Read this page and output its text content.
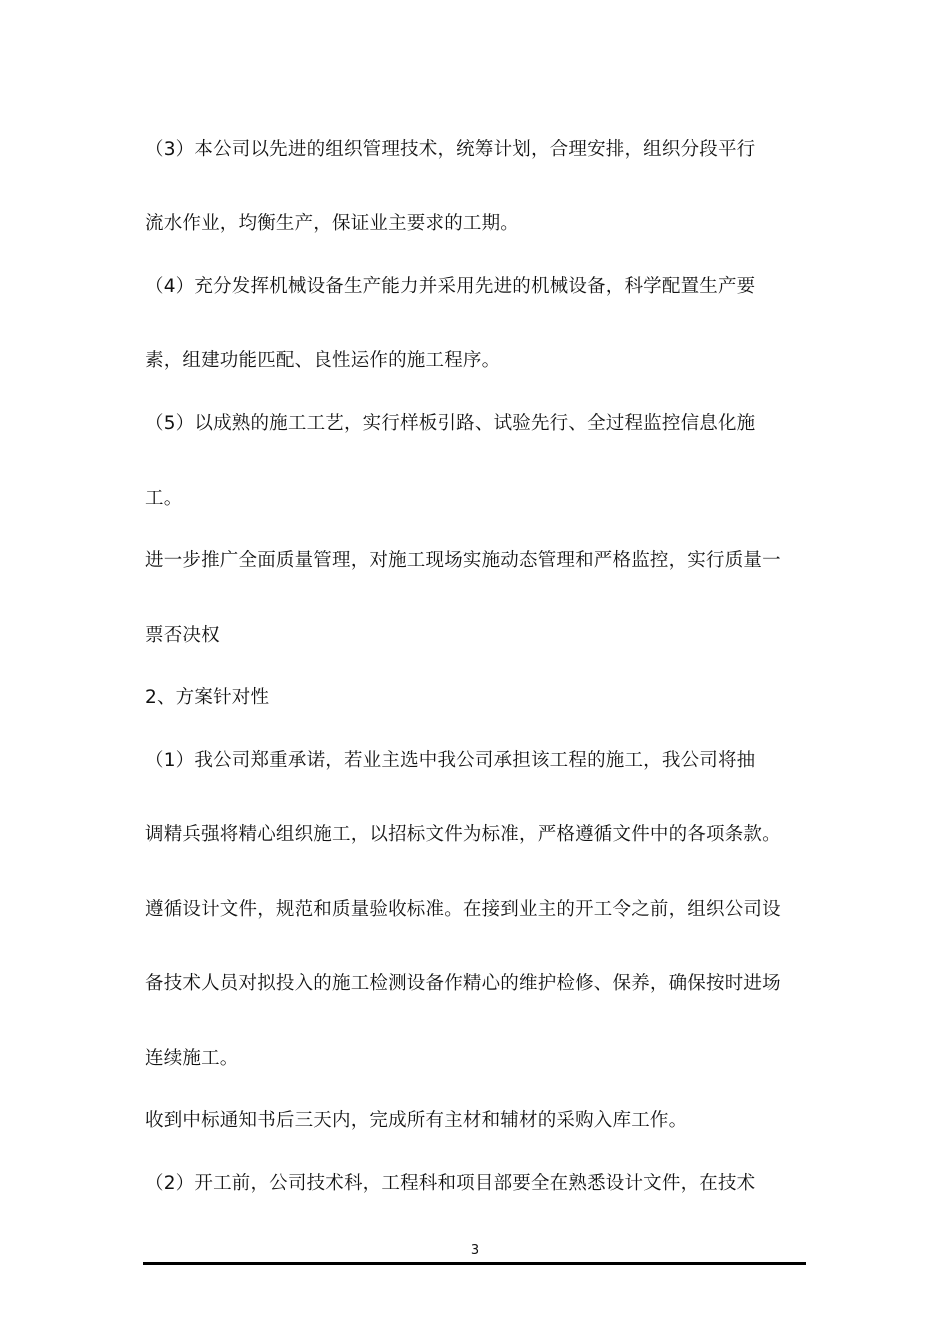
（3）本公司以先进的组织管理技术，统筹计划，合理安排，组织分段平行
流水作业，均衡生产，保证业主要求的工期。
（4）充分发挥机械设备生产能力并采用先进的机械设备，科学配置生产要
素，组建功能匹配、良性运作的施工程序。
（5）以成熟的施工工艺，实行样板引路、试验先行、全过程监控信息化施
工。
进一步推广全面质量管理，对施工现场实施动态管理和严格监控，实行质量一
票否决权
2、方案针对性
（1）我公司郑重承诺，若业主选中我公司承担该工程的施工，我公司将抽
调精兵强将精心组织施工，以招标文件为标准，严格遵循文件中的各项条款。
遵循设计文件，规范和质量验收标准。在接到业主的开工令之前，组织公司设
备技术人员对拟投入的施工检测设备作精心的维护检修、保养，确保按时进场
连续施工。
收到中标通知书后三天内，完成所有主材和辅材的采购入库工作。
（2）开工前，公司技术科，工程科和项目部要全在熟悉设计文件，在技术
3
